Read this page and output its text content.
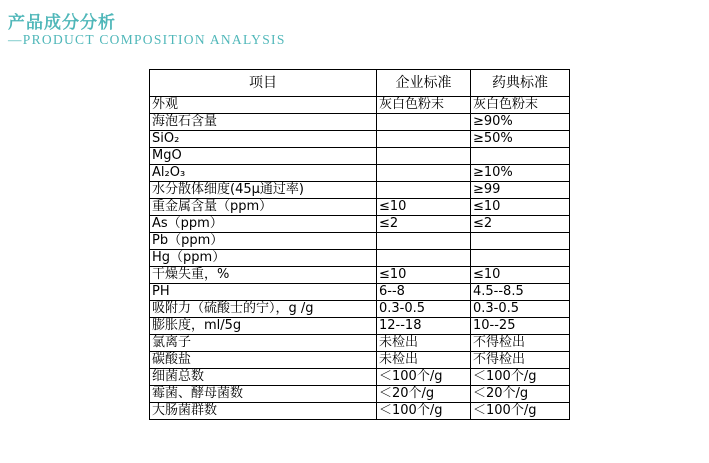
产品成分分析
—PRODUCT COMPOSITION ANALYSIS
项目	企业标准	药典标准
外观	灰白色粉末	灰白色粉末
海泡石含量		≥90%
SiO₂		≥50%
MgO		
Al₂O₃		≥10%
水分散体细度(45μ通过率)		≥99
重金属含量（ppm）	≤10	≤10
As（ppm）	≤2	≤2
Pb（ppm）		
Hg（ppm）		
干燥失重，%	≤10	≤10
PH	6--8	4.5--8.5
吸附力（硫酸士的宁），g /g	0.3-0.5	0.3-0.5
膨胀度，ml/5g	12--18	10--25
氯离子	未检出	不得检出
碳酸盐	未检出	不得检出
细菌总数	＜100个/g	＜100个/g
霉菌、酵母菌数	＜20个/g	＜20个/g
大肠菌群数	＜100个/g	＜100个/g
